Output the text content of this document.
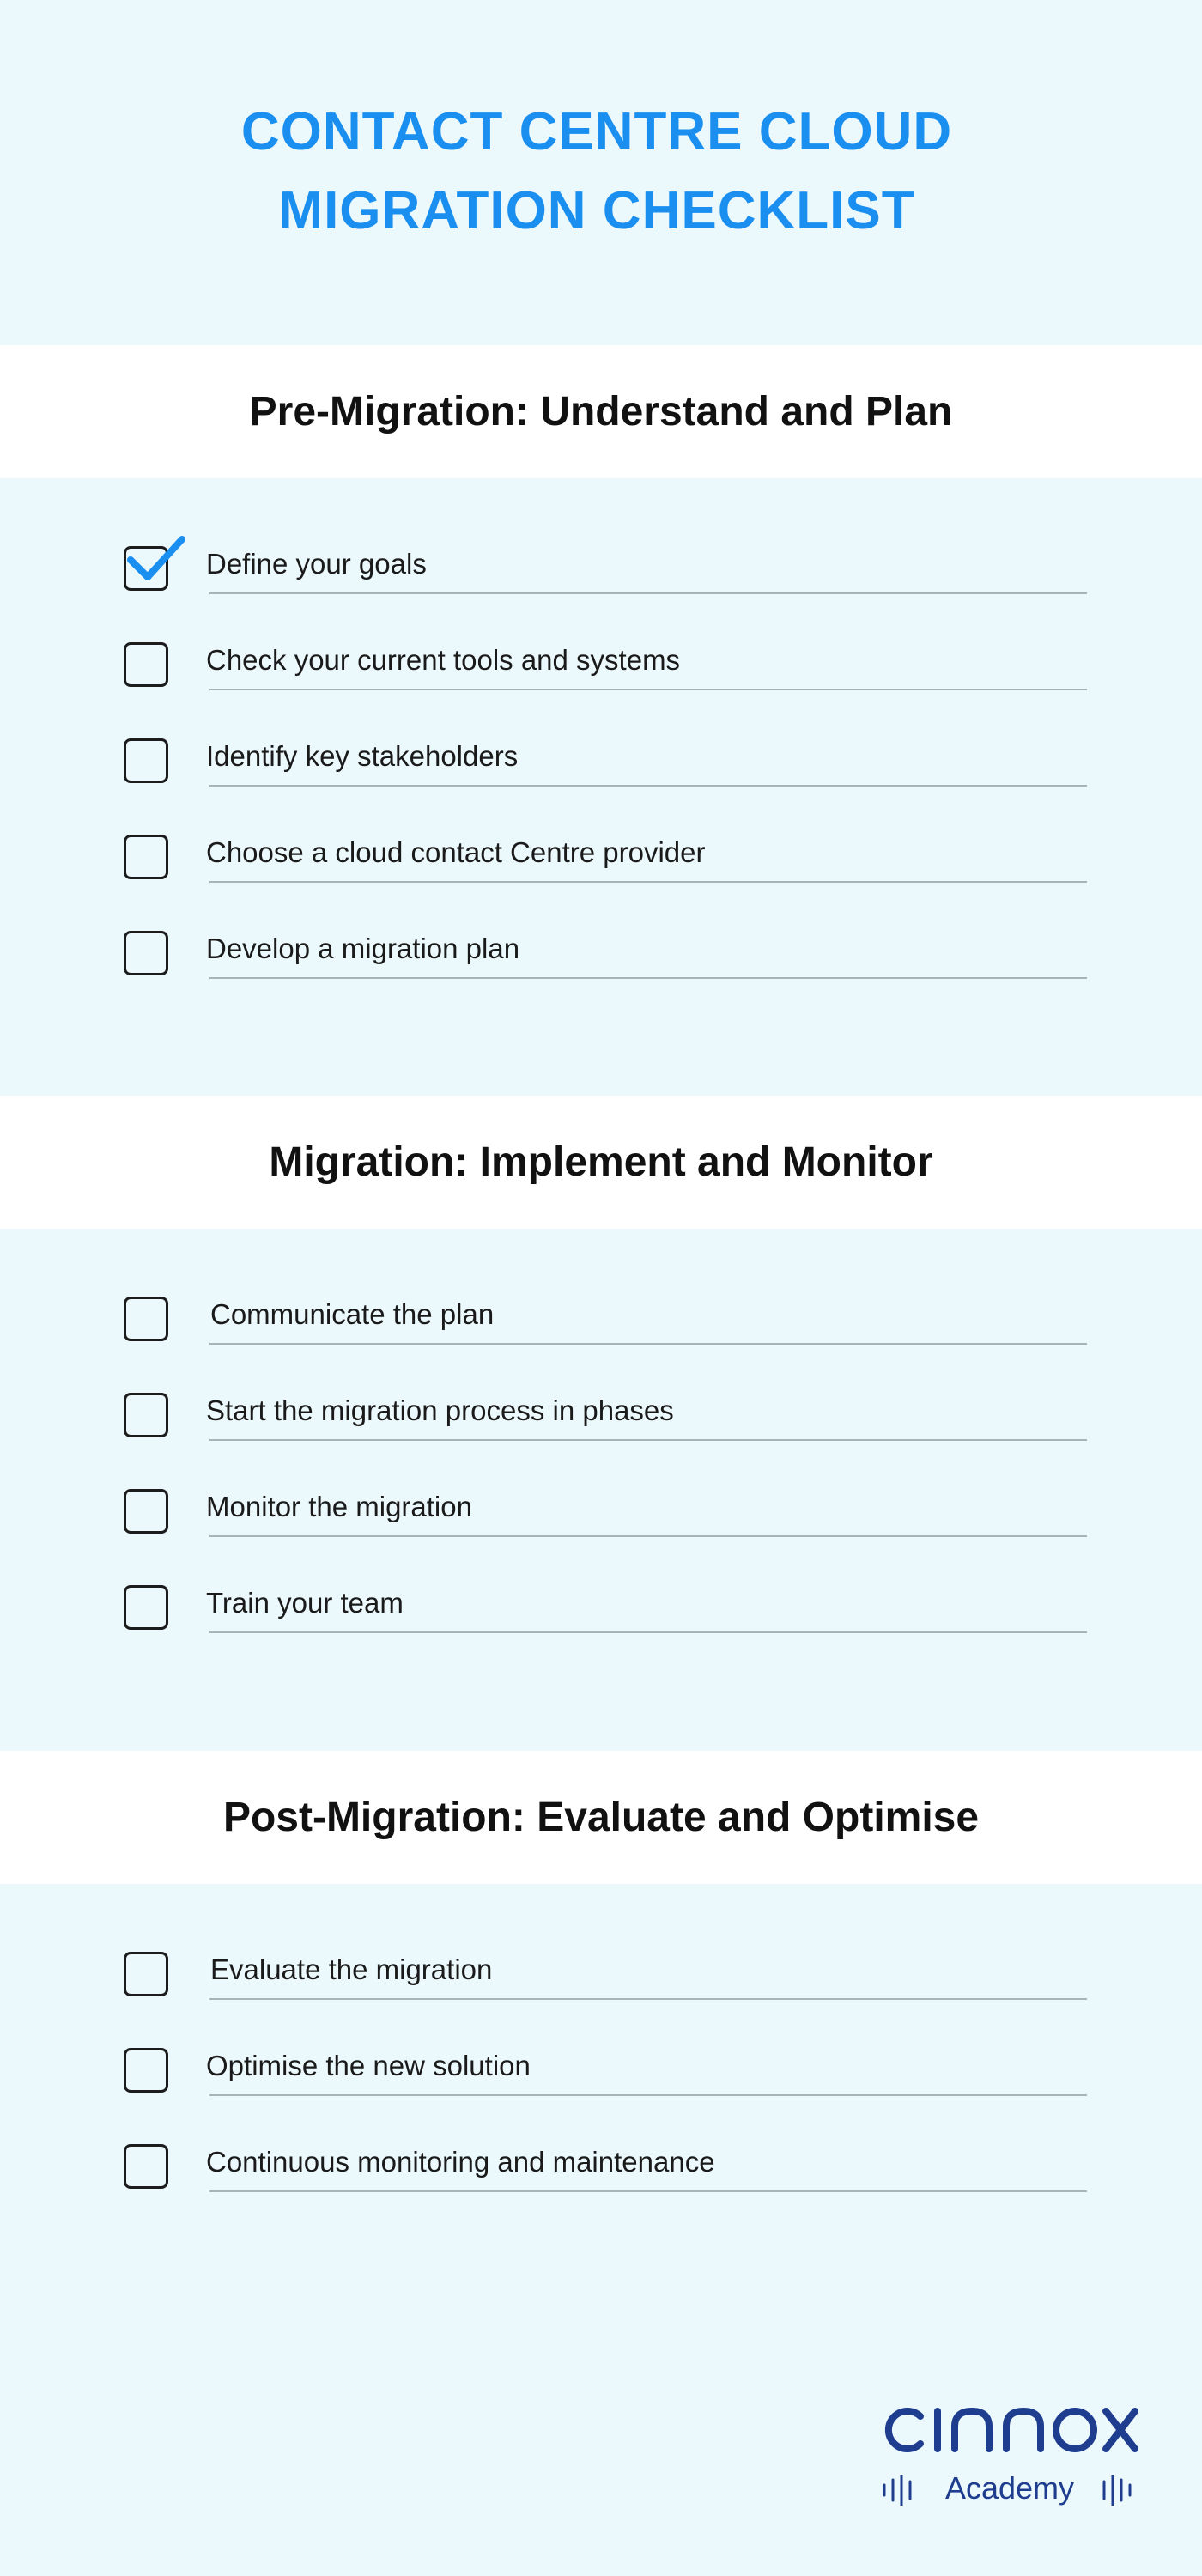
CONTACT CENTRE CLOUD
MIGRATION CHECKLIST
Pre-Migration: Understand and Plan
Define your goals
Check your current tools and systems
Identify key stakeholders
Choose a cloud contact Centre provider
Develop a migration plan
Migration: Implement and Monitor
Communicate the plan
Start the migration process in phases
Monitor the migration
Train your team
Post-Migration: Evaluate and Optimise
Evaluate the migration
Optimise the new solution
Continuous monitoring and maintenance
Academy
